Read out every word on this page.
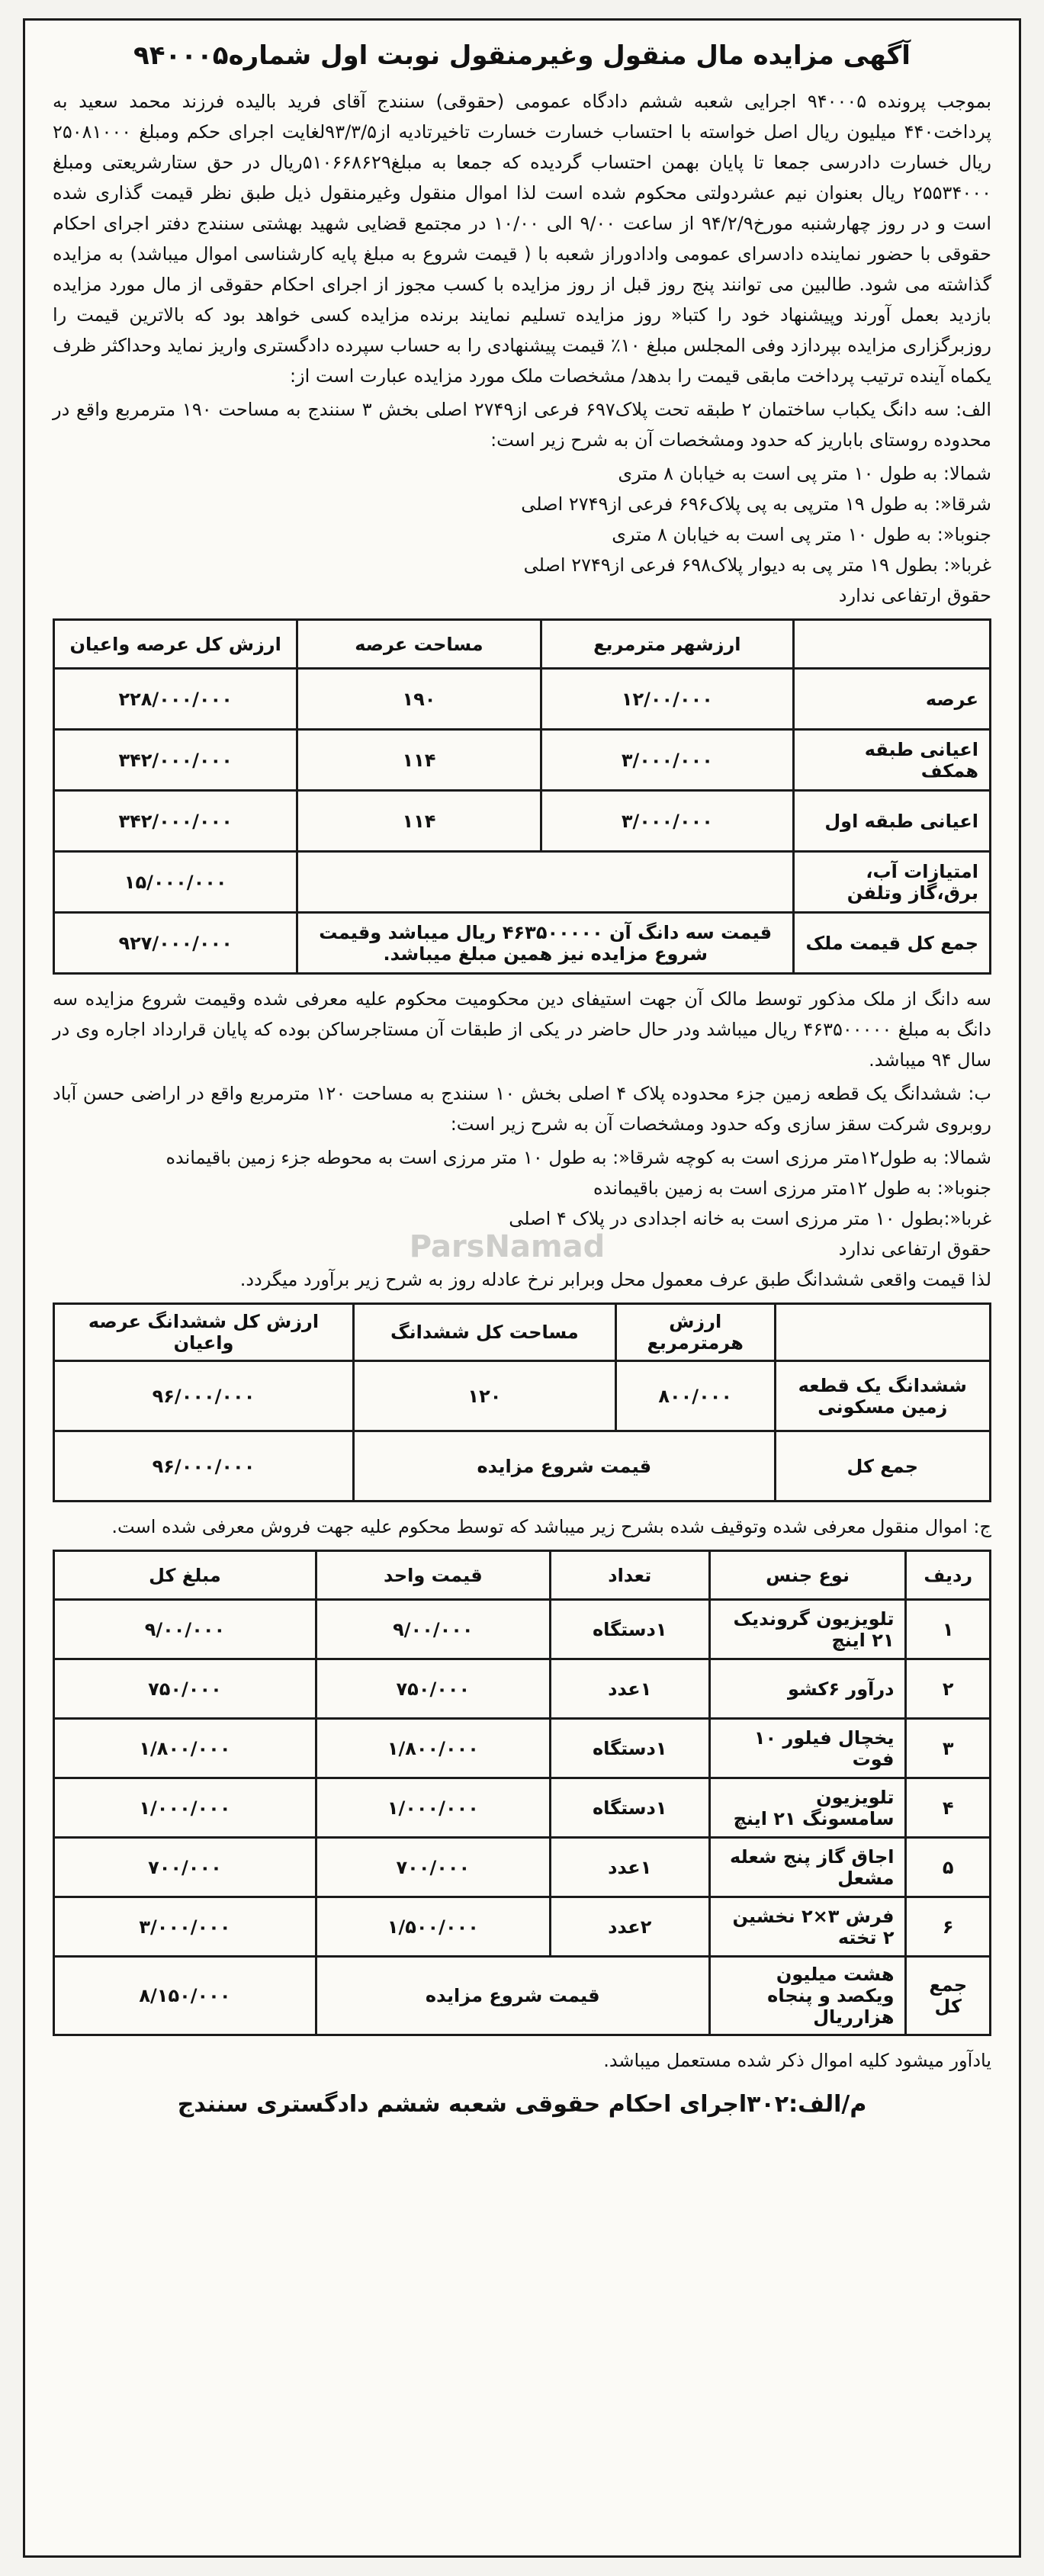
آگهی مزایده مال منقول وغیرمنقول نوبت اول شماره۹۴۰۰۰۵

بموجب پرونده ۹۴۰۰۰۵ اجرایی شعبه ششم دادگاه عمومی (حقوقی) سنندج آقای فرید بالیده فرزند محمد سعید به پرداخت۴۴۰ میلیون ریال اصل خواسته با احتساب خسارت خسارت تاخیرتادیه از۹۳/۳/۵لغایت اجرای حکم ومبلغ ۲۵۰۸۱۰۰۰ ریال خسارت دادرسی جمعا تا پایان بهمن احتساب گردیده که جمعا به مبلغ۵۱۰۶۶۸۶۲۹ریال در حق ستارشریعتی ومبلغ ۲۵۵۳۴۰۰۰ ریال بعنوان نیم عشردولتی محکوم شده است لذا اموال منقول وغیرمنقول ذیل طبق نظر قیمت گذاری شده است و در روز چهارشنبه مورخ۹۴/۲/۹ از ساعت ۹/۰۰ الی ۱۰/۰۰ در مجتمع قضایی شهید بهشتی سنندج دفتر اجرای احکام حقوقی با حضور نماینده دادسرای عمومی وادادوراز شعبه با ( قیمت شروع به مبلغ پایه کارشناسی اموال میباشد) به مزایده گذاشته می شود. طالبین می توانند پنج روز قبل از روز مزایده با کسب مجوز از اجرای احکام حقوقی از مال مورد مزایده بازدید بعمل آورند وپیشنهاد خود را کتبا« روز مزایده تسلیم نمایند برنده مزایده کسی خواهد بود که بالاترین قیمت را روزبرگزاری مزایده بپردازد وفی المجلس مبلغ ۱۰٪ قیمت پیشنهادی را به حساب سپرده دادگستری واریز نماید وحداکثر ظرف یکماه آینده ترتیب پرداخت مابقی قیمت را بدهد/ مشخصات ملک مورد مزایده عبارت است از:

الف: سه دانگ یکباب ساختمان ۲ طبقه تحت پلاک۶۹۷ فرعی از۲۷۴۹ اصلی بخش ۳ سنندج به مساحت ۱۹۰ مترمربع واقع در محدوده روستای باباریز که حدود ومشخصات آن به شرح زیر است:

شمالا: به طول ۱۰ متر پی است به خیابان ۸ متری

شرقا«: به طول ۱۹ مترپی به پی پلاک۶۹۶ فرعی از۲۷۴۹ اصلی

جنوبا«: به طول ۱۰ متر پی است به خیابان ۸ متری

غربا«: بطول ۱۹ متر پی به دیوار پلاک۶۹۸ فرعی از۲۷۴۹ اصلی

حقوق ارتفاعی ندارد

	ارزشهر مترمربع	مساحت عرصه	ارزش کل عرصه واعیان
عرصه	۱۲/۰۰/۰۰۰	۱۹۰	۲۲۸/۰۰۰/۰۰۰
اعیانی طبقه همکف	۳/۰۰۰/۰۰۰	۱۱۴	۳۴۲/۰۰۰/۰۰۰
اعیانی طبقه اول	۳/۰۰۰/۰۰۰	۱۱۴	۳۴۲/۰۰۰/۰۰۰
امتیازات آب، برق،گاز وتلفن			۱۵/۰۰۰/۰۰۰
جمع کل قیمت ملک	قیمت سه دانگ آن ۴۶۳۵۰۰۰۰۰ ریال میباشد وقیمت شروع مزایده نیز همین مبلغ میباشد.		۹۲۷/۰۰۰/۰۰۰

سه دانگ از ملک مذکور توسط مالک آن جهت استیفای دین محکومیت محکوم علیه معرفی شده وقیمت شروع مزایده سه دانگ به مبلغ ۴۶۳۵۰۰۰۰۰ ریال میباشد ودر حال حاضر در یکی از طبقات آن مستاجرساکن بوده که پایان قرارداد اجاره وی در سال ۹۴ میباشد.

ب: ششدانگ یک قطعه زمین جزء محدوده پلاک ۴ اصلی بخش ۱۰ سنندج به مساحت ۱۲۰ مترمربع واقع در اراضی حسن آباد روبروی شرکت سقز سازی وکه حدود ومشخصات آن به شرح زیر است:

شمالا: به طول۱۲متر مرزی است به کوچه شرقا«: به طول ۱۰ متر مرزی است به محوطه جزء زمین باقیمانده

جنوبا«: به طول ۱۲متر مرزی است به زمین باقیمانده

غربا«:بطول ۱۰ متر مرزی است به خانه اجدادی در پلاک ۴ اصلی

حقوق ارتفاعی ندارد

لذا قیمت واقعی ششدانگ طبق عرف معمول محل وبرابر نرخ عادله روز به شرح زیر برآورد میگردد.

	ارزش هرمترمربع	مساحت کل ششدانگ	ارزش کل ششدانگ عرصه واعیان
ششدانگ یک قطعه زمین مسکونی	۸۰۰/۰۰۰	۱۲۰	۹۶/۰۰۰/۰۰۰
جمع کل	قیمت شروع مزایده		۹۶/۰۰۰/۰۰۰

ج: اموال منقول معرفی شده وتوقیف شده بشرح زیر میباشد که توسط محکوم علیه جهت فروش معرفی شده است.

ردیف	نوع جنس	تعداد	قیمت واحد	مبلغ کل
۱	تلویزیون گروندیک ۲۱ اینچ	۱دستگاه	۹/۰۰/۰۰۰	۹/۰۰/۰۰۰
۲	درآور ۶کشو	۱عدد	۷۵۰/۰۰۰	۷۵۰/۰۰۰
۳	یخچال فیلور ۱۰ فوت	۱دستگاه	۱/۸۰۰/۰۰۰	۱/۸۰۰/۰۰۰
۴	تلویزیون سامسونگ ۲۱ اینچ	۱دستگاه	۱/۰۰۰/۰۰۰	۱/۰۰۰/۰۰۰
۵	اجاق گاز پنج شعله مشعل	۱عدد	۷۰۰/۰۰۰	۷۰۰/۰۰۰
۶	فرش ۳×۲ نخشین ۲ تخته	۲عدد	۱/۵۰۰/۰۰۰	۳/۰۰۰/۰۰۰
جمع کل	هشت میلیون ویکصد و پنجاه هزارریال	قیمت شروع مزایده		۸/۱۵۰/۰۰۰

یادآور میشود کلیه اموال ذکر شده مستعمل میباشد.

م/الف:۳۰۲اجرای احکام حقوقی شعبه ششم دادگستری سنندج
ParsNamad
